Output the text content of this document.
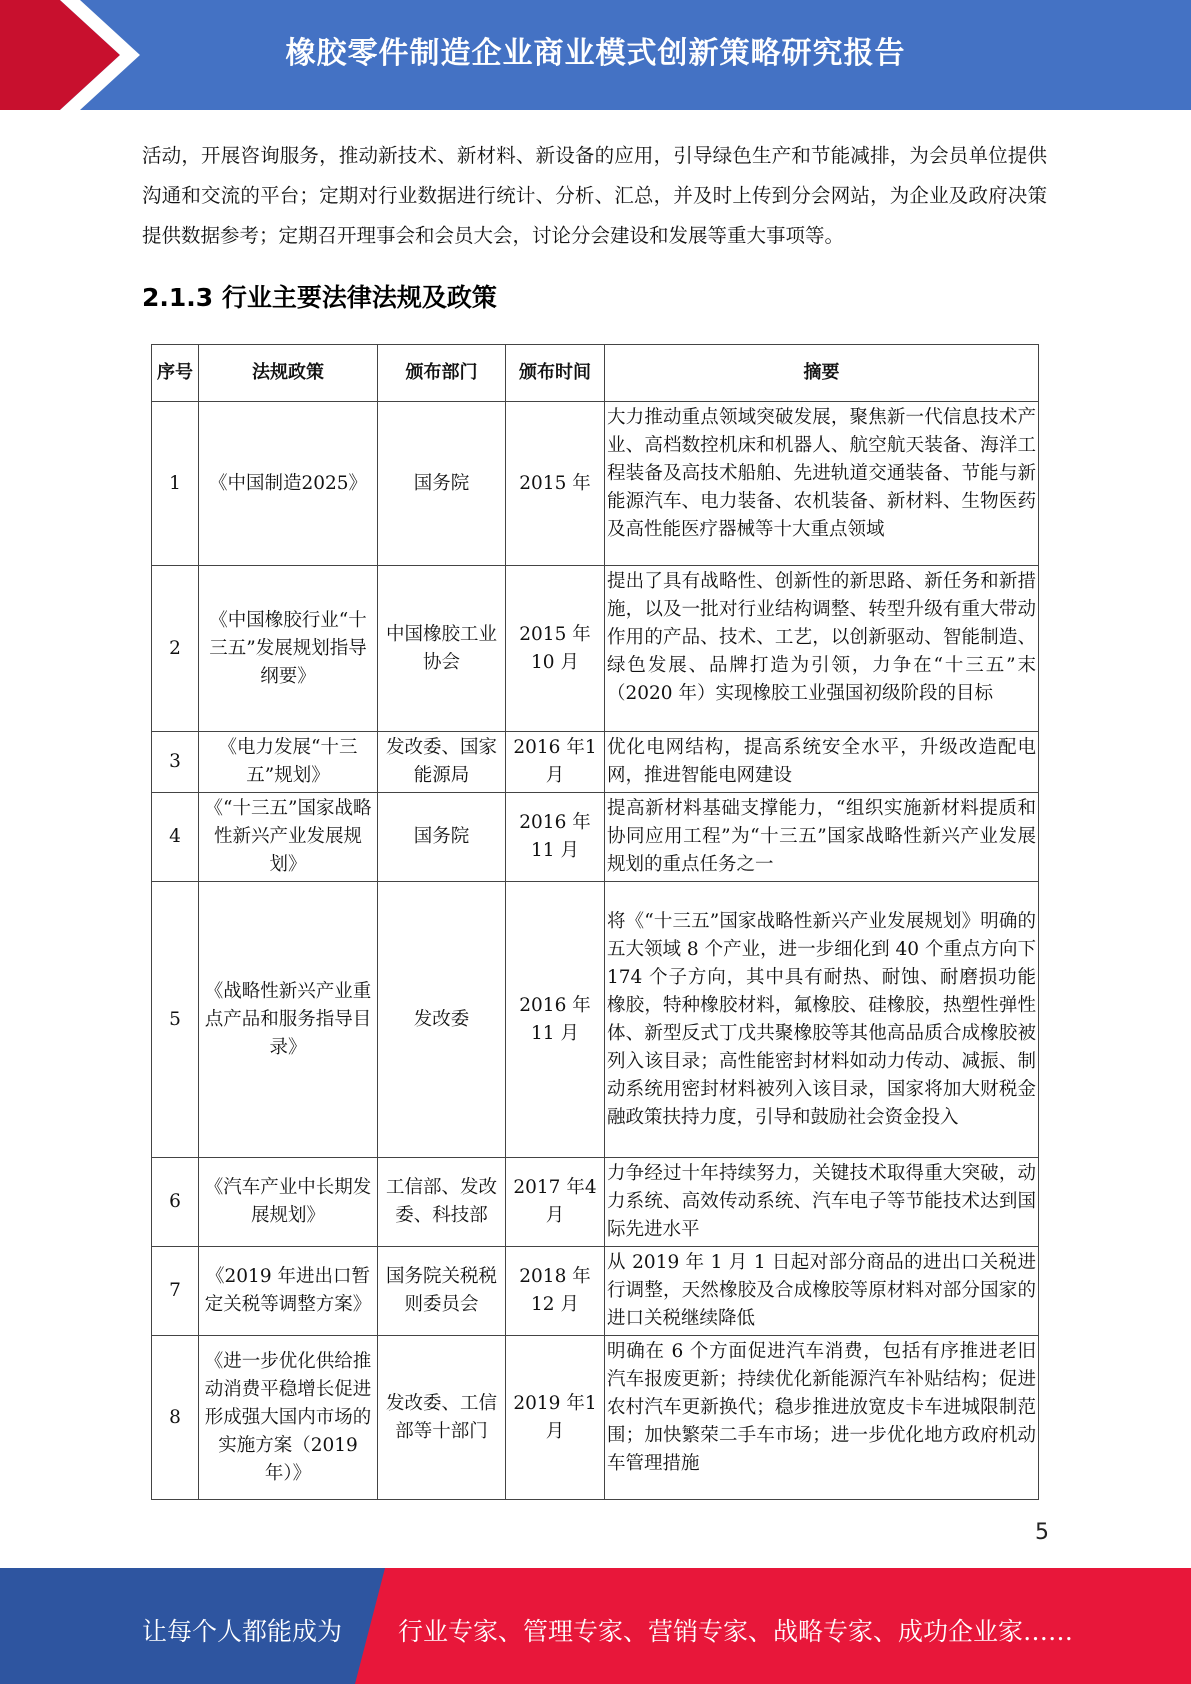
橡胶零件制造企业商业模式创新策略研究报告

活动，开展咨询服务，推动新技术、新材料、新设备的应用，引导绿色生产和节能减排，为会员单位提供沟通和交流的平台；定期对行业数据进行统计、分析、汇总，并及时上传到分会网站，为企业及政府决策提供数据参考；定期召开理事会和会员大会，讨论分会建设和发展等重大事项等。

2.1.3 行业主要法律法规及政策
序号	法规政策	颁布部门	颁布时间	摘要
1	《中国制造2025》	国务院	2015 年	大力推动重点领域突破发展，聚焦新一代信息技术产业、高档数控机床和机器人、航空航天装备、海洋工程装备及高技术船舶、先进轨道交通装备、节能与新能源汽车、电力装备、农机装备、新材料、生物医药及高性能医疗器械等十大重点领域
2	《中国橡胶行业“十三五”发展规划指导纲要》	中国橡胶工业协会	2015 年10 月	提出了具有战略性、创新性的新思路、新任务和新措施，以及一批对行业结构调整、转型升级有重大带动作用的产品、技术、工艺，以创新驱动、智能制造、绿色发展、品牌打造为引领，力争在“十三五”末（2020 年）实现橡胶工业强国初级阶段的目标
3	《电力发展“十三五”规划》	发改委、国家能源局	2016 年1 月	优化电网结构，提高系统安全水平，升级改造配电网，推进智能电网建设
4	《“十三五”国家战略性新兴产业发展规划》	国务院	2016 年11 月	提高新材料基础支撑能力，“组织实施新材料提质和协同应用工程”为“十三五”国家战略性新兴产业发展规划的重点任务之一
5	《战略性新兴产业重点产品和服务指导目录》	发改委	2016 年11 月	将《“十三五”国家战略性新兴产业发展规划》明确的五大领域 8 个产业，进一步细化到 40 个重点方向下 174 个子方向，其中具有耐热、耐蚀、耐磨损功能橡胶，特种橡胶材料，氟橡胶、硅橡胶，热塑性弹性体、新型反式丁戊共聚橡胶等其他高品质合成橡胶被列入该目录；高性能密封材料如动力传动、减振、制动系统用密封材料被列入该目录，国家将加大财税金融政策扶持力度，引导和鼓励社会资金投入
6	《汽车产业中长期发展规划》	工信部、发改委、科技部	2017 年4 月	力争经过十年持续努力，关键技术取得重大突破，动力系统、高效传动系统、汽车电子等节能技术达到国际先进水平
7	《2019 年进出口暂定关税等调整方案》	国务院关税税则委员会	2018 年12 月	从 2019 年 1 月 1 日起对部分商品的进出口关税进行调整，天然橡胶及合成橡胶等原材料对部分国家的进口关税继续降低
8	《进一步优化供给推动消费平稳增长促进形成强大国内市场的实施方案（2019 年）》	发改委、工信部等十部门	2019 年1 月	明确在 6 个方面促进汽车消费，包括有序推进老旧汽车报废更新；持续优化新能源汽车补贴结构；促进农村汽车更新换代；稳步推进放宽皮卡车进城限制范围；加快繁荣二手车市场；进一步优化地方政府机动车管理措施
5
让每个人都能成为 行业专家、管理专家、营销专家、战略专家、成功企业家……
